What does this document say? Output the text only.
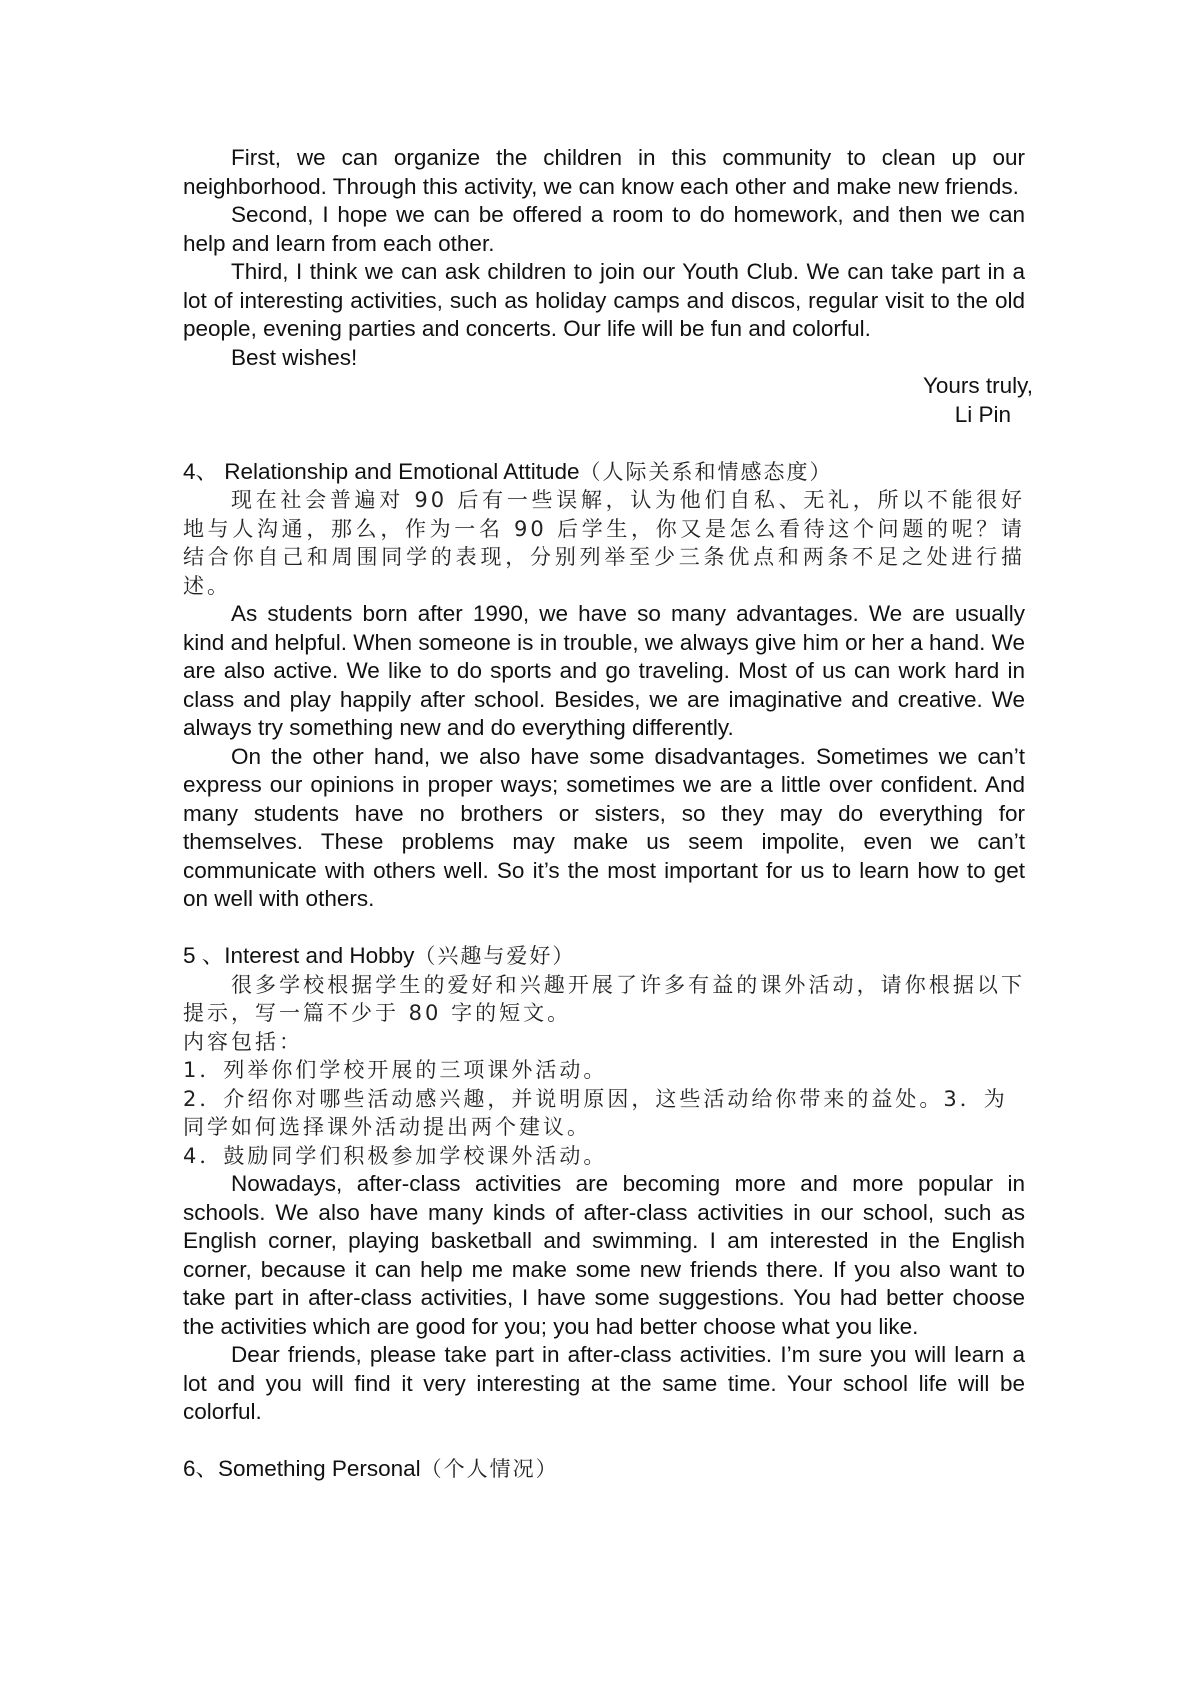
First, we can organize the children in this community to clean up our neighborhood. Through this activity, we can know each other and make new friends.

Second, I hope we can be offered a room to do homework, and then we can help and learn from each other.

Third, I think we can ask children to join our Youth Club. We can take part in a lot of interesting activities, such as holiday camps and discos, regular visit to the old people, evening parties and concerts. Our life will be fun and colorful.

Best wishes!

Yours truly,

Li Pin

4、 Relationship and Emotional Attitude（人际关系和情感态度）

现在社会普遍对 90 后有一些误解，认为他们自私、无礼，所以不能很好地与人沟通，那么，作为一名 90 后学生，你又是怎么看待这个问题的呢？请结合你自己和周围同学的表现，分别列举至少三条优点和两条不足之处进行描述。

As students born after 1990, we have so many advantages. We are usually kind and helpful. When someone is in trouble, we always give him or her a hand. We are also active. We like to do sports and go traveling. Most of us can work hard in class and play happily after school. Besides, we are imaginative and creative. We always try something new and do everything differently.

On the other hand, we also have some disadvantages. Sometimes we can’t express our opinions in proper ways; sometimes we are a little over confident. And many students have no brothers or sisters, so they may do everything for themselves. These problems may make us seem impolite, even we can’t communicate with others well. So it’s the most important for us to learn how to get on well with others.

5 、Interest and Hobby（兴趣与爱好）

很多学校根据学生的爱好和兴趣开展了许多有益的课外活动，请你根据以下提示，写一篇不少于 80 字的短文。

内容包括：

1．列举你们学校开展的三项课外活动。

2．介绍你对哪些活动感兴趣，并说明原因，这些活动给你带来的益处。3．为同学如何选择课外活动提出两个建议。

4．鼓励同学们积极参加学校课外活动。

Nowadays, after-class activities are becoming more and more popular in schools. We also have many kinds of after-class activities in our school, such as English corner, playing basketball and swimming. I am interested in the English corner, because it can help me make some new friends there. If you also want to take part in after-class activities, I have some suggestions. You had better choose the activities which are good for you; you had better choose what you like.

Dear friends, please take part in after-class activities. I’m sure you will learn a lot and you will find it very interesting at the same time. Your school life will be colorful.

6、Something Personal（个人情况）
